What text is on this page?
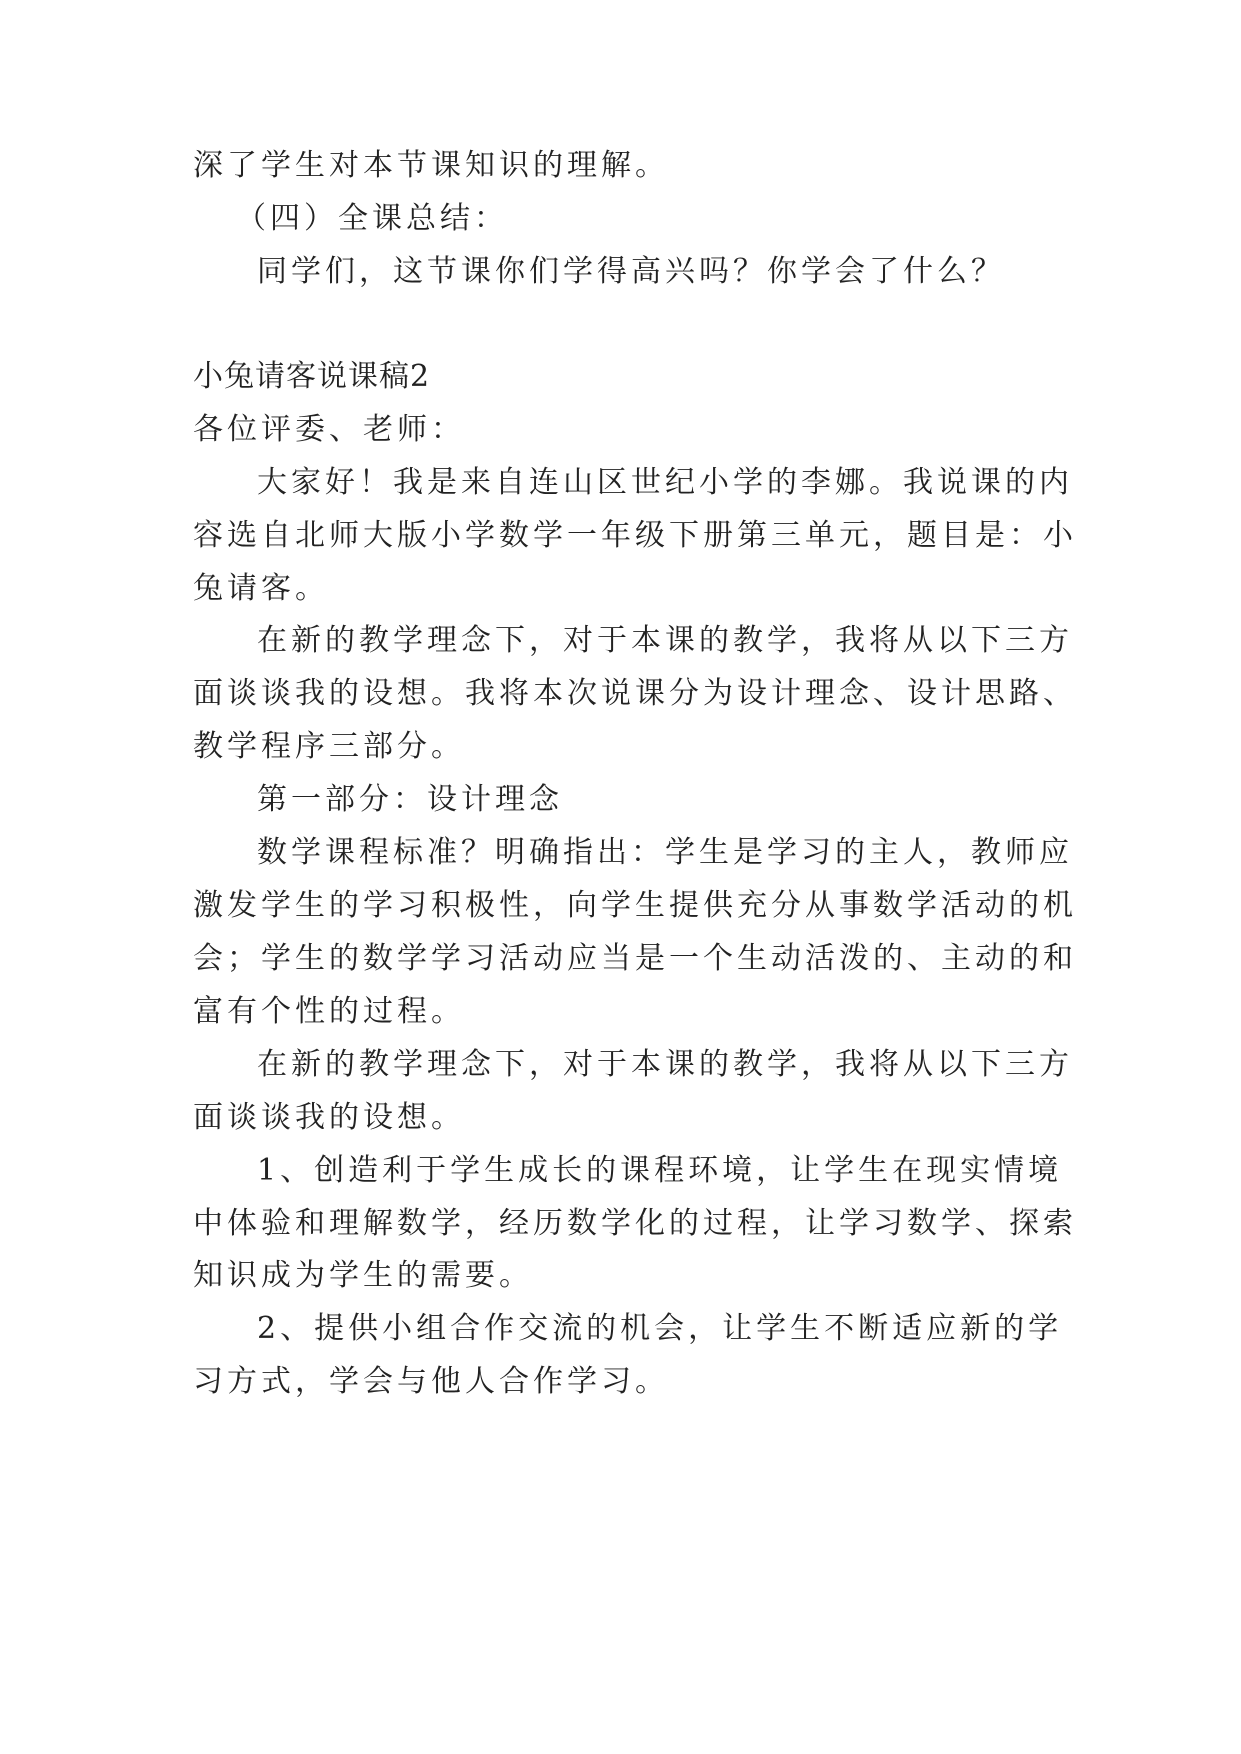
深了学生对本节课知识的理解。
（四）全课总结：
同学们，这节课你们学得高兴吗？你学会了什么？
小兔请客说课稿2
各位评委、老师：
大家好！我是来自连山区世纪小学的李娜。我说课的内
容选自北师大版小学数学一年级下册第三单元，题目是：小
兔请客。
在新的教学理念下，对于本课的教学，我将从以下三方
面谈谈我的设想。我将本次说课分为设计理念、设计思路、
教学程序三部分。
第一部分：设计理念
数学课程标准？明确指出：学生是学习的主人，教师应
激发学生的学习积极性，向学生提供充分从事数学活动的机
会；学生的数学学习活动应当是一个生动活泼的、主动的和
富有个性的过程。
在新的教学理念下，对于本课的教学，我将从以下三方
面谈谈我的设想。
1、创造利于学生成长的课程环境，让学生在现实情境
中体验和理解数学，经历数学化的过程，让学习数学、探索
知识成为学生的需要。
2、提供小组合作交流的机会，让学生不断适应新的学
习方式，学会与他人合作学习。
